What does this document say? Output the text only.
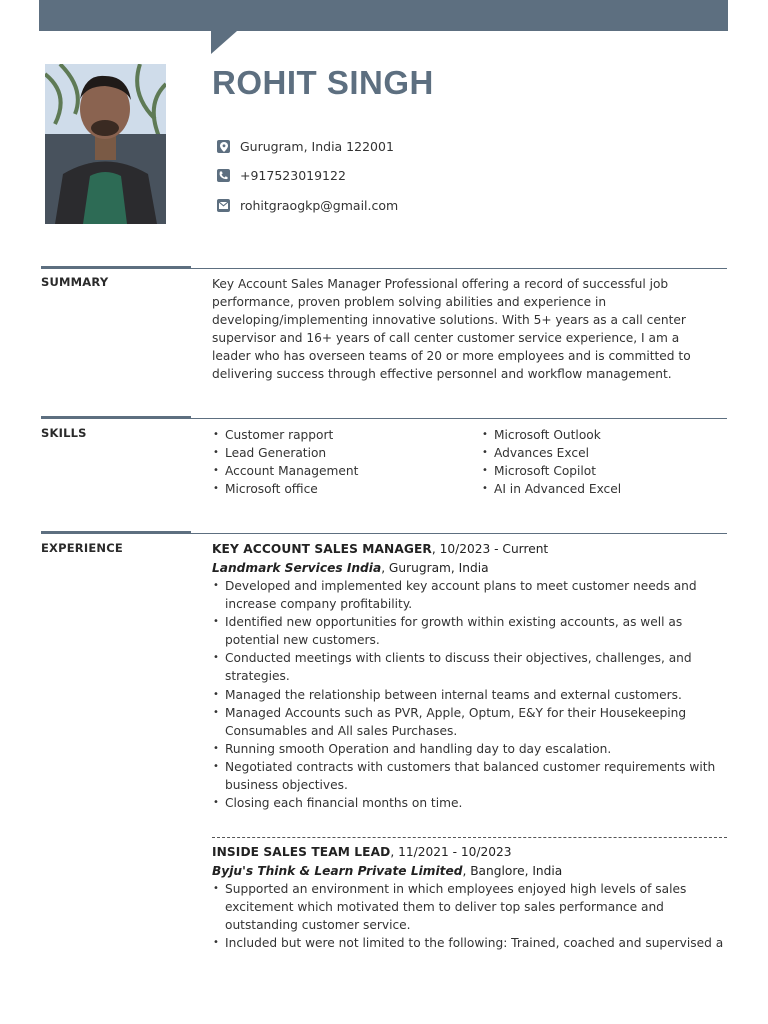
ROHIT SINGH
Gurugram, India 122001
+917523019122
rohitgraogkp@gmail.com
SUMMARY	Key Account Sales Manager Professional offering a record of successful job performance, proven problem solving abilities and experience in developing/implementing innovative solutions. With 5+ years as a call center supervisor and 16+ years of call center customer service experience, I am a leader who has overseen teams of 20 or more employees and is committed to delivering success through effective personnel and workflow management.
SKILLS
•	Customer rapport
• Lead Generation
• Account Management
• Microsoft office
• Microsoft Outlook
• Advances Excel
• Microsoft Copilot
• AI in Advanced Excel
EXPERIENCE	KEY ACCOUNT SALES MANAGER, 10/2023 - Current
Landmark Services India, Gurugram, India
• Developed and implemented key account plans to meet customer needs and increase company profitability.
• Identified new opportunities for growth within existing accounts, as well as potential new customers.
• Conducted meetings with clients to discuss their objectives, challenges, and strategies.
• Managed the relationship between internal teams and external customers.
• Managed Accounts such as PVR, Apple, Optum, E&Y for their Housekeeping Consumables and All sales Purchases.
• Running smooth Operation and handling day to day escalation.
• Negotiated contracts with customers that balanced customer requirements with business objectives.
• Closing each financial months on time.
INSIDE SALES TEAM LEAD, 11/2021 - 10/2023
Byju's Think & Learn Private Limited, Banglore, India
• Supported an environment in which employees enjoyed high levels of sales excitement which motivated them to deliver top sales performance and outstanding customer service.
• Included but were not limited to the following: Trained, coached and supervised a
